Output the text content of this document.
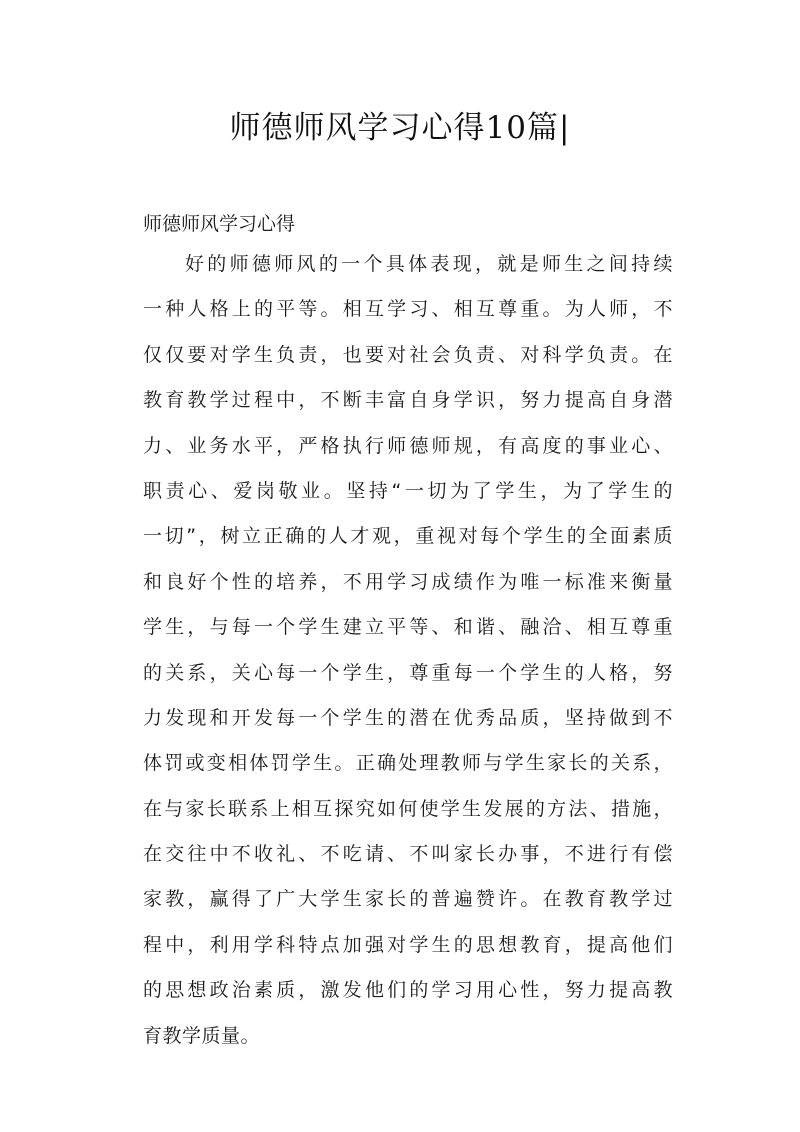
师德师风学习心得10篇|
师德师风学习心得
好的师德师风的一个具体表现，就是师生之间持续
一种人格上的平等。相互学习、相互尊重。为人师，不
仅仅要对学生负责，也要对社会负责、对科学负责。在
教育教学过程中，不断丰富自身学识，努力提高自身潜
力、业务水平，严格执行师德师规，有高度的事业心、
职责心、爱岗敬业。坚持“一切为了学生，为了学生的
一切”，树立正确的人才观，重视对每个学生的全面素质
和良好个性的培养，不用学习成绩作为唯一标准来衡量
学生，与每一个学生建立平等、和谐、融洽、相互尊重
的关系，关心每一个学生，尊重每一个学生的人格，努
力发现和开发每一个学生的潜在优秀品质，坚持做到不
体罚或变相体罚学生。正确处理教师与学生家长的关系，
在与家长联系上相互探究如何使学生发展的方法、措施，
在交往中不收礼、不吃请、不叫家长办事，不进行有偿
家教，赢得了广大学生家长的普遍赞许。在教育教学过
程中，利用学科特点加强对学生的思想教育，提高他们
的思想政治素质，激发他们的学习用心性，努力提高教
育教学质量。
